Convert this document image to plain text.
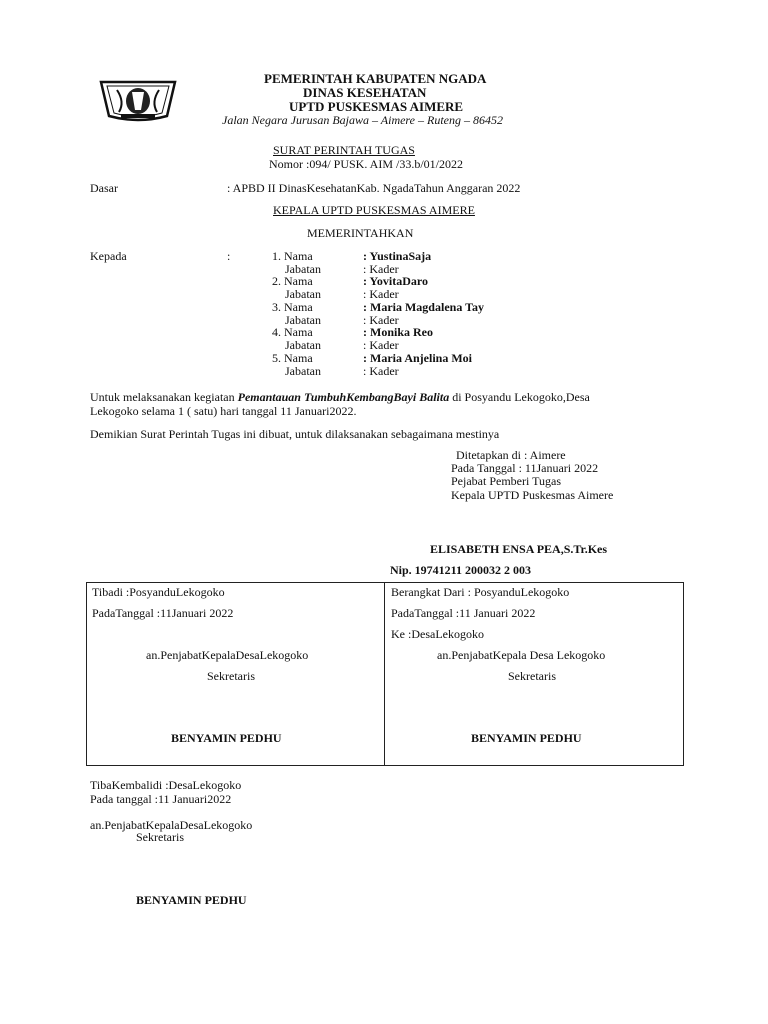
PEMERINTAH KABUPATEN NGADA
DINAS KESEHATAN
UPTD PUSKESMAS AIMERE
Jalan Negara Jurusan Bajawa – Aimere – Ruteng – 86452
SURAT PERINTAH TUGAS
Nomor :094/ PUSK. AIM /33.b/01/2022
Dasar	: APBD II DinasKesehatanKab. NgadaTahun Anggaran 2022
KEPALA UPTD PUSKESMAS AIMERE
MEMERINTAHKAN
Kepada	:	1. Nama	: YustinaSaja
Jabatan	: Kader
2. Nama	: YovitaDaro
Jabatan	: Kader
3. Nama	: Maria Magdalena Tay
Jabatan	: Kader
4. Nama	: Monika Reo
Jabatan	: Kader
5. Nama	: Maria Anjelina Moi
Jabatan	: Kader
Untuk melaksanakan kegiatan Pemantauan TumbuhKembangBayi Balita di Posyandu Lekogoko,Desa
Lekogoko selama 1 ( satu) hari tanggal 11 Januari2022.
Demikian Surat Perintah Tugas ini dibuat, untuk dilaksanakan sebagaimana mestinya
Ditetapkan di : Aimere
Pada Tanggal : 11Januari 2022
Pejabat Pemberi Tugas
Kepala UPTD Puskesmas Aimere
ELISABETH ENSA PEA,S.Tr.Kes
Nip. 19741211 200032 2 003
Tibadi :PosyanduLekogoko
PadaTanggal :11Januari 2022
an.PenjabatKepalaDesaLekogoko
Sekretaris
BENYAMIN PEDHU
Berangkat Dari : PosyanduLekogoko
PadaTanggal :11 Januari 2022
Ke :DesaLekogoko
an.PenjabatKepala Desa Lekogoko
Sekretaris
BENYAMIN PEDHU
TibaKembalidi :DesaLekogoko
Pada tanggal :11 Januari2022
an.PenjabatKepalaDesaLekogoko
Sekretaris
BENYAMIN PEDHU
